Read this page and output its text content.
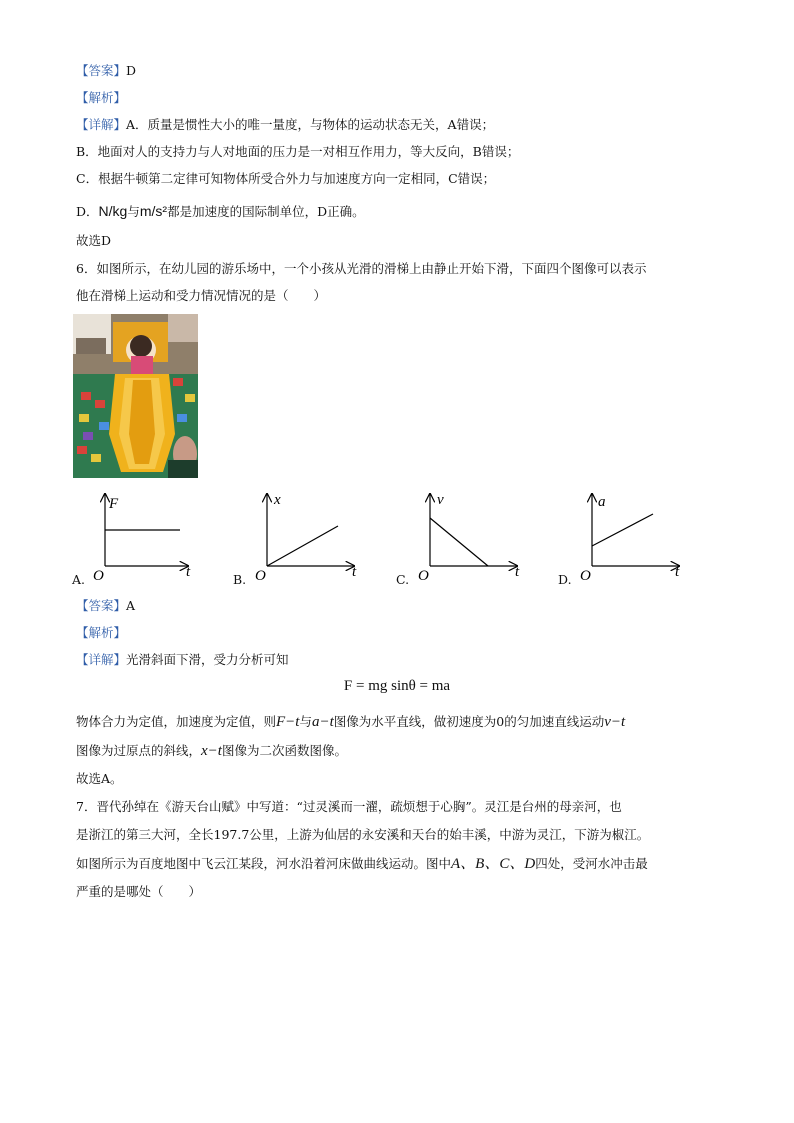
【答案】D
【解析】
【详解】A．质量是惯性大小的唯一量度，与物体的运动状态无关，A错误；
B．地面对人的支持力与人对地面的压力是一对相互作用力，等大反向，B错误；
C．根据牛顿第二定律可知物体所受合外力与加速度方向一定相同，C错误；
D．N/kg与m/s²都是加速度的国际制单位，D正确。
故选D
6．如图所示，在幼儿园的游乐场中，一个小孩从光滑的滑梯上由静止开始下滑，下面四个图像可以表示
他在滑梯上运动和受力情况情况的是（　　）
F
t
O
A.
x
t
O
B.
v
t
O
C.
a
t
O
D.
【答案】A
【解析】
【详解】光滑斜面下滑，受力分析可知
F = mg sinθ = ma
物体合力为定值，加速度为定值，则F−t与a−t图像为水平直线，做初速度为0的匀加速直线运动v−t
图像为过原点的斜线，x−t图像为二次函数图像。
故选A。
7．晋代孙绰在《游天台山赋》中写道：“过灵溪而一濯，疏烦想于心胸”。灵江是台州的母亲河，也
是浙江的第三大河，全长197.7公里，上游为仙居的永安溪和天台的始丰溪，中游为灵江，下游为椒江。
如图所示为百度地图中飞云江某段，河水沿着河床做曲线运动。图中A、B、C、D四处，受河水冲击最
严重的是哪处（　　）
